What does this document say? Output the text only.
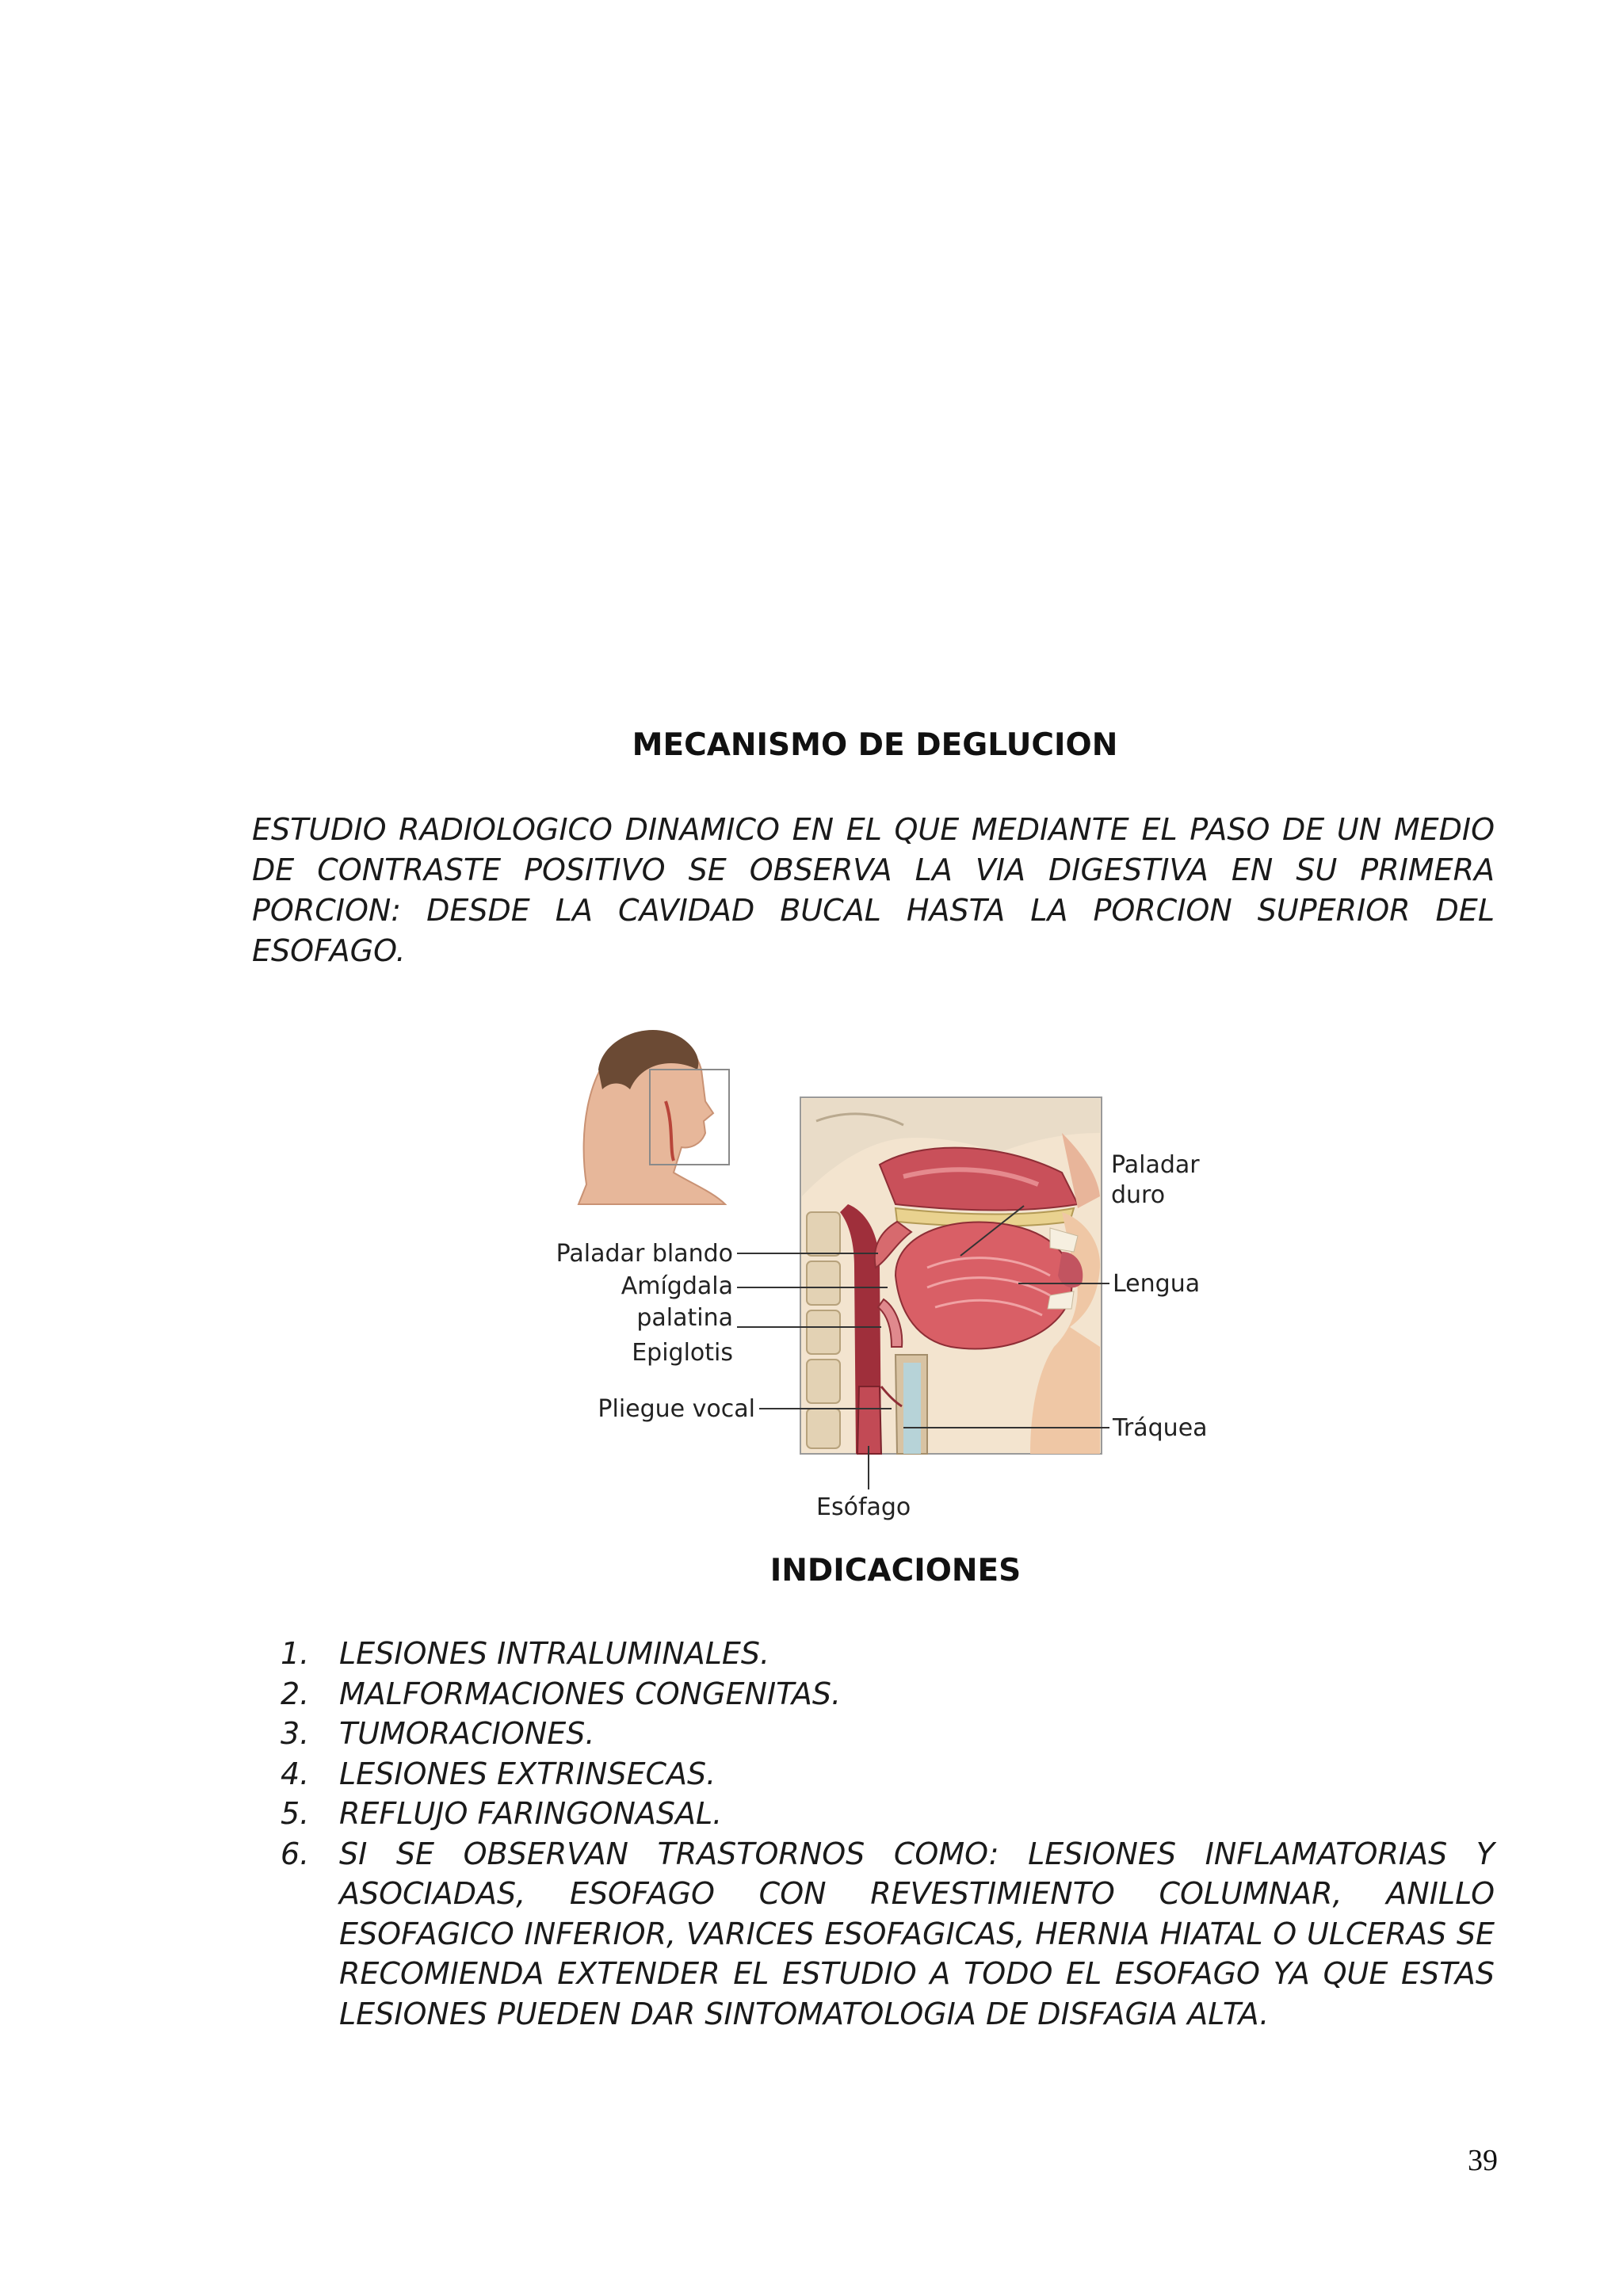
MECANISMO DE DEGLUCION
ESTUDIO RADIOLOGICO DINAMICO EN EL QUE MEDIANTE EL PASO DE UN MEDIO DE CONTRASTE POSITIVO SE OBSERVA LA VIA DIGESTIVA EN SU PRIMERA PORCION: DESDE LA CAVIDAD BUCAL HASTA LA PORCION SUPERIOR DEL ESOFAGO.
Paladar
duro
Paladar blando
Amígdala
palatina
Epiglotis
Lengua
Pliegue vocal
Tráquea
Esófago
INDICACIONES
1. LESIONES INTRALUMINALES.
2. MALFORMACIONES CONGENITAS.
3. TUMORACIONES.
4. LESIONES EXTRINSECAS.
5. REFLUJO FARINGONASAL.
6. SI SE OBSERVAN TRASTORNOS COMO: LESIONES INFLAMATORIAS Y ASOCIADAS, ESOFAGO CON REVESTIMIENTO COLUMNAR, ANILLO ESOFAGICO INFERIOR, VARICES ESOFAGICAS, HERNIA HIATAL O ULCERAS SE RECOMIENDA EXTENDER EL ESTUDIO A TODO EL ESOFAGO YA QUE ESTAS LESIONES PUEDEN DAR SINTOMATOLOGIA DE DISFAGIA ALTA.
39
